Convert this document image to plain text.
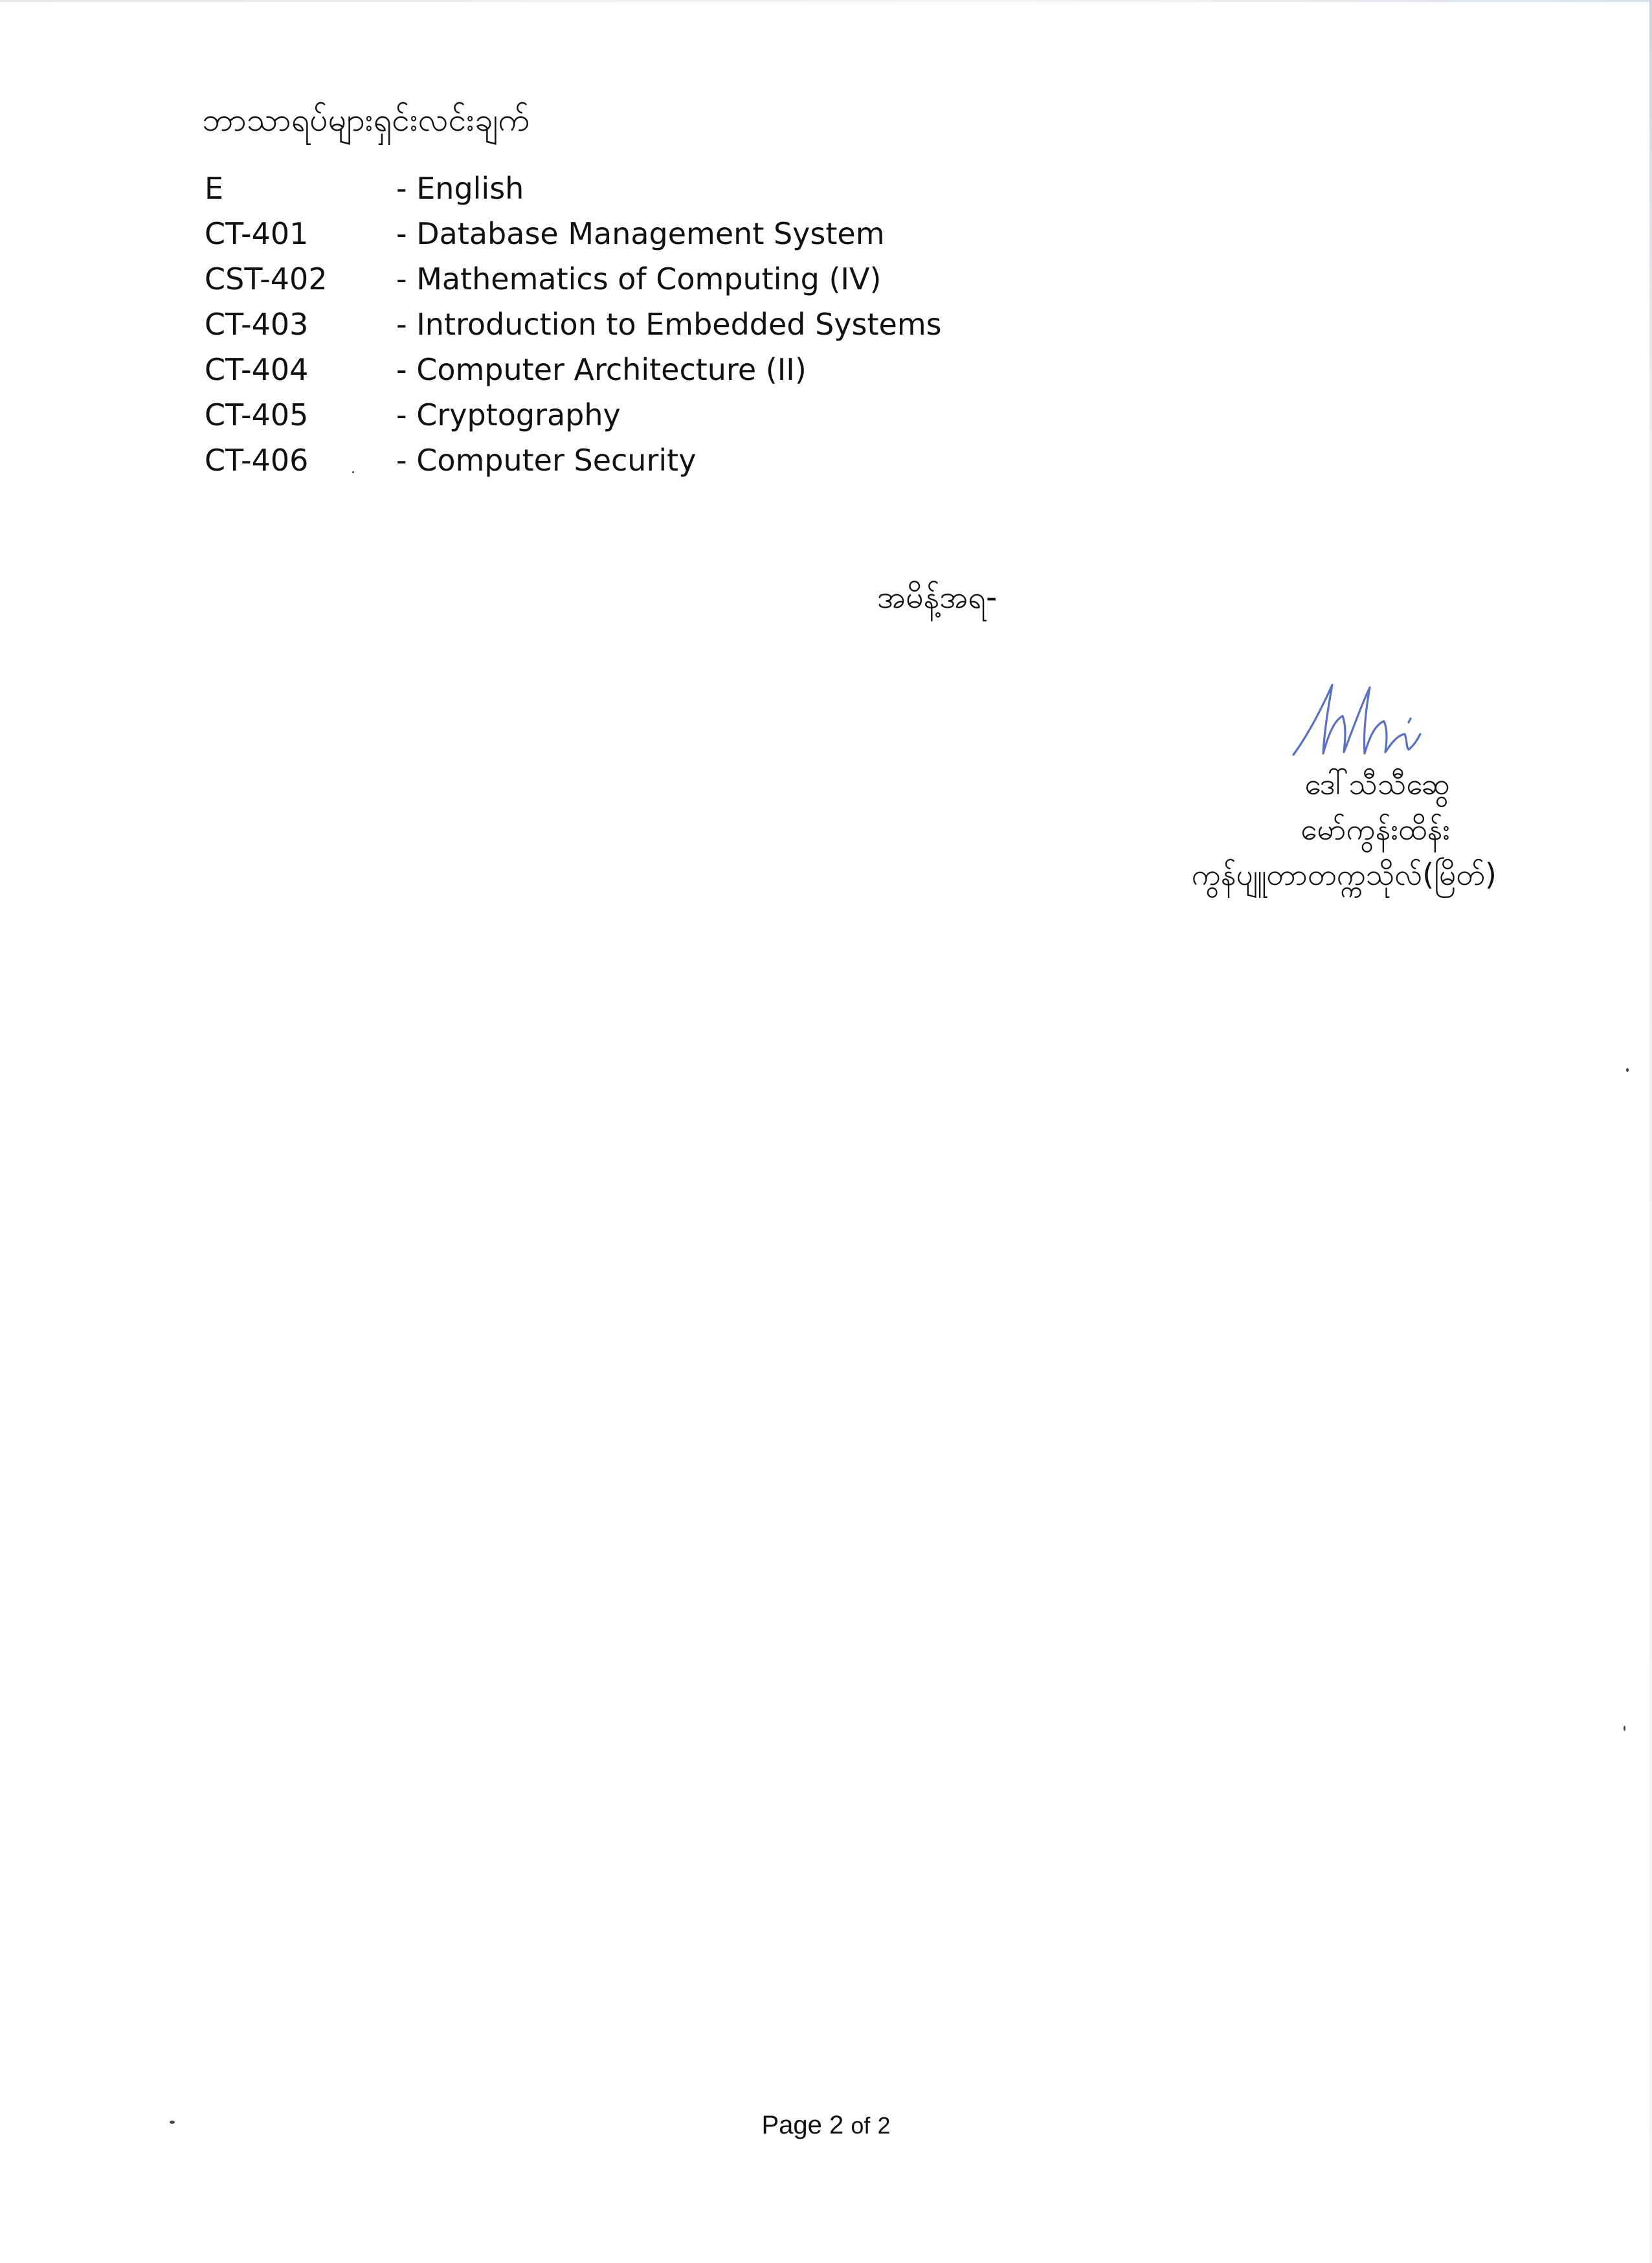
ဘာသာရပ်များရှင်းလင်းချက်
E	- English
CT-401	- Database Management System
CST-402	- Mathematics of Computing (IV)
CT-403	- Introduction to Embedded Systems
CT-404	- Computer Architecture (II)
CT-405	- Cryptography
CT-406	- Computer Security
အမိန့်အရ-
ဒေါ်သီသီဆွေ
မော်ကွန်းထိန်း
ကွန်ပျူတာတက္ကသိုလ်(မြိတ်)
Page 2 of 2
